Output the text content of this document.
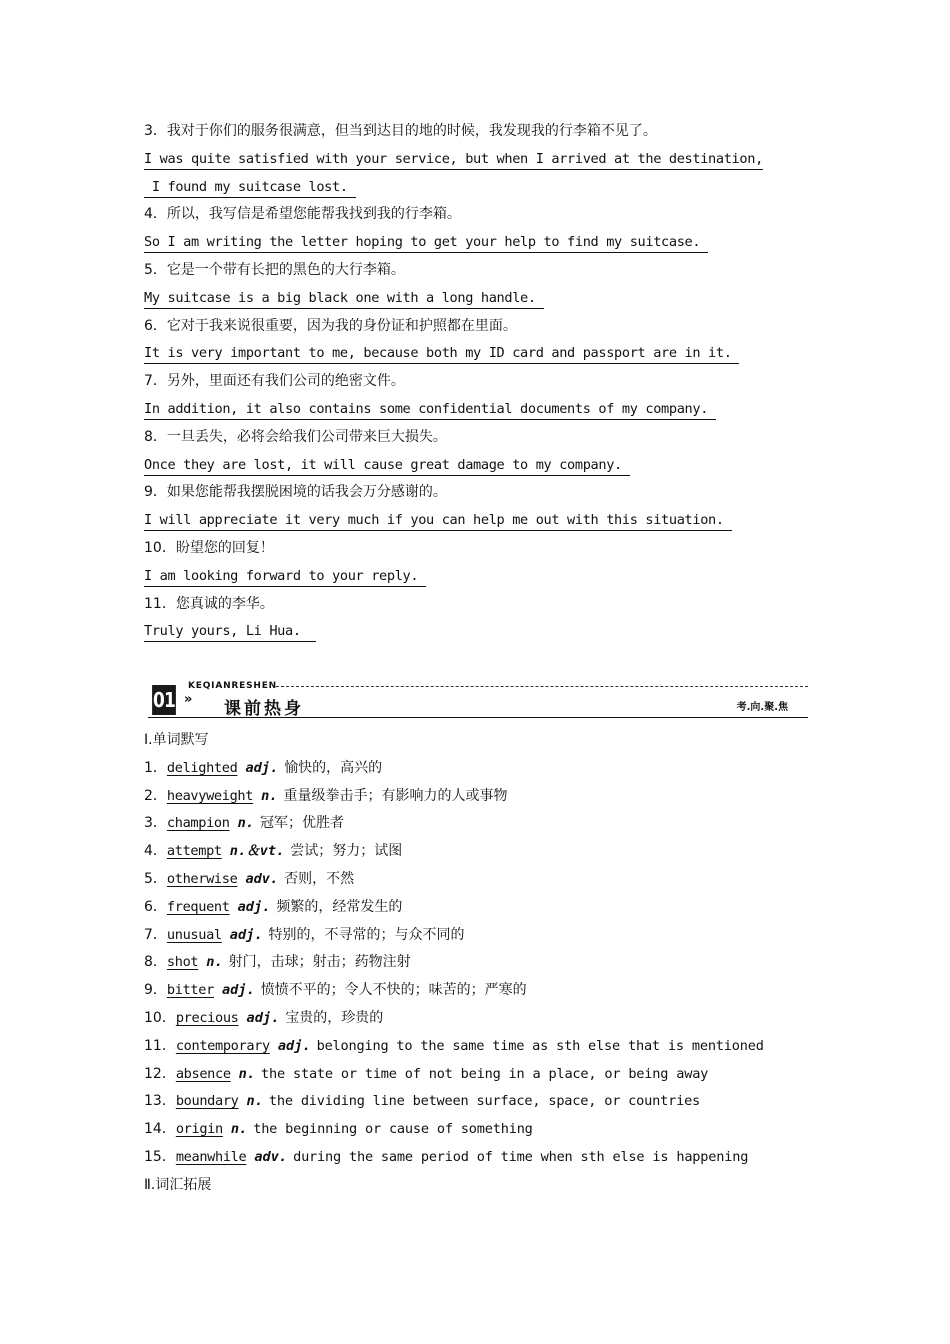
3．我对于你们的服务很满意，但当到达目的地的时候，我发现我的行李箱不见了。
I was quite satisfied with your service, but when I arrived at the destination,
I found my suitcase lost.
4．所以，我写信是希望您能帮我找到我的行李箱。
So I am writing the letter hoping to get your help to find my suitcase.
5．它是一个带有长把的黑色的大行李箱。
My suitcase is a big black one with a long handle.
6．它对于我来说很重要，因为我的身份证和护照都在里面。
It is very important to me, because both my ID card and passport are in it.
7．另外，里面还有我们公司的绝密文件。
In addition, it also contains some confidential documents of my company.
8．一旦丢失，必将会给我们公司带来巨大损失。
Once they are lost, it will cause great damage to my company.
9．如果您能帮我摆脱困境的话我会万分感谢的。
I will appreciate it very much if you can help me out with this situation.
10．盼望您的回复！
I am looking forward to your reply.
11．您真诚的李华。
Truly yours, Li Hua.
01 »
KEQIANRESHEN
课前热身	考.向.聚.焦
Ⅰ.单词默写
1．delighted adj. 愉快的，高兴的
2．heavyweight n. 重量级拳击手；有影响力的人或事物
3．champion n. 冠军；优胜者
4．attempt n.＆vt. 尝试；努力；试图
5．otherwise adv. 否则，不然
6．frequent adj. 频繁的，经常发生的
7．unusual adj. 特别的，不寻常的；与众不同的
8．shot n. 射门，击球；射击；药物注射
9．bitter adj. 愤愤不平的；令人不快的；味苦的；严寒的
10．precious adj. 宝贵的，珍贵的
11．contemporary adj. belonging to the same time as sth else that is mentioned
12．absence n. the state or time of not being in a place, or being away
13．boundary n. the dividing line between surface, space, or countries
14．origin n. the beginning or cause of something
15．meanwhile adv. during the same period of time when sth else is happening
Ⅱ.词汇拓展
